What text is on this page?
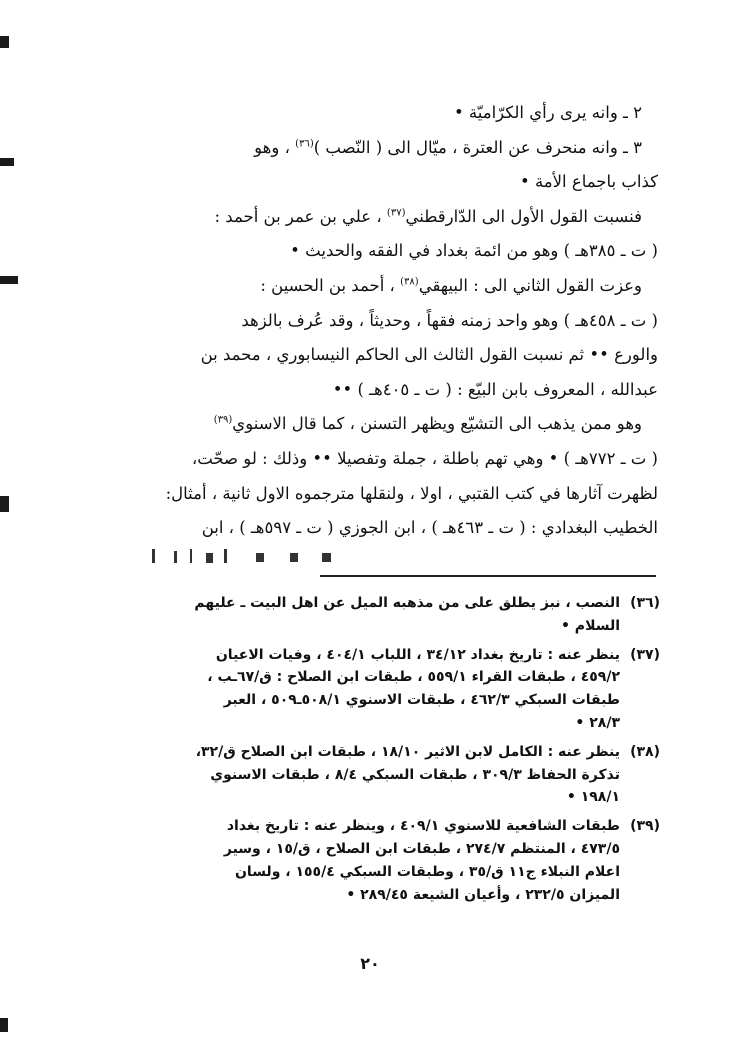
٢ ـ وانه يرى رأي الكرّاميّة •
٣ ـ وانه منحرف عن العترة ، ميّال الى ( النّصب )$^{(٣٦)}$ ، وهو
كذاب باجماع الأمة •
فنسبت القول الأول الى الدّارقطني$^{(٣٧)}$ ، علي بن عمر بن أحمد :
( ت ـ ٣٨٥هـ ) وهو من ائمة بغداد في الفقه والحديث •
وعزت القول الثاني الى : البيهقي$^{(٣٨)}$ ، أحمد بن الحسين :
( ت ـ ٤٥٨هـ ) وهو واحد زمنه فقهاً ، وحديثاً ، وقد عُرف بالزهد
والورع •• ثم نسبت القول الثالث الى الحاكم النيسابوري ، محمد بن
عبدالله ، المعروف بابن البيّع : ( ت ـ ٤٠٥هـ ) ••
وهو ممن يذهب الى التشيّع ويظهر التسنن ، كما قال الاسنوي$^{(٣٩)}$
( ت ـ ٧٧٢هـ ) • وهي تهم باطلة ، جملة وتفصيلا •• وذلك : لو صحّت،
لظهرت آثارها في كتب القتبي ، اولا ، ولنقلها مترجموه الاول ثانية ، أمثال:
الخطيب البغدادي : ( ت ـ ٤٦٣هـ ) ، ابن الجوزي ( ت ـ ٥٩٧هـ ) ، ابن
(٣٦)
النصب ، نبز يطلق على من مذهبه الميل عن اهل البيت ـ عليهم
السلام •
(٣٧)
ينظر عنه : تاريخ بغداد ٣٤/١٢ ، اللباب ٤٠٤/١ ، وفيات الاعيان
٤٥٩/٢ ، طبقات القراء ٥٥٩/١ ، طبقات ابن الصلاح : ق/٦٧ـب ،
طبقات السبكي ٤٦٢/٣ ، طبقات الاسنوي ٥٠٨/١ـ٥٠٩ ، العبر
٢٨/٣ •
(٣٨)
ينظر عنه : الكامل لابن الاثير ١٨/١٠ ، طبقات ابن الصلاح ق/٣٢،
تذكرة الحفاظ ٣٠٩/٣ ، طبقات السبكي ٨/٤ ، طبقات الاسنوي
١٩٨/١ •
(٣٩)
طبقات الشافعية للاسنوي ٤٠٩/١ ، وينظر عنه : تاريخ بغداد
٤٧٣/٥ ، المنتظم ٢٧٤/٧ ، طبقات ابن الصلاح ، ق/١٥ ، وسير
اعلام النبلاء ج١١ ق/٣٥ ، وطبقات السبكي ١٥٥/٤ ، ولسان
الميزان ٢٣٢/٥ ، وأعيان الشيعة ٢٨٩/٤٥ •
٢٠
